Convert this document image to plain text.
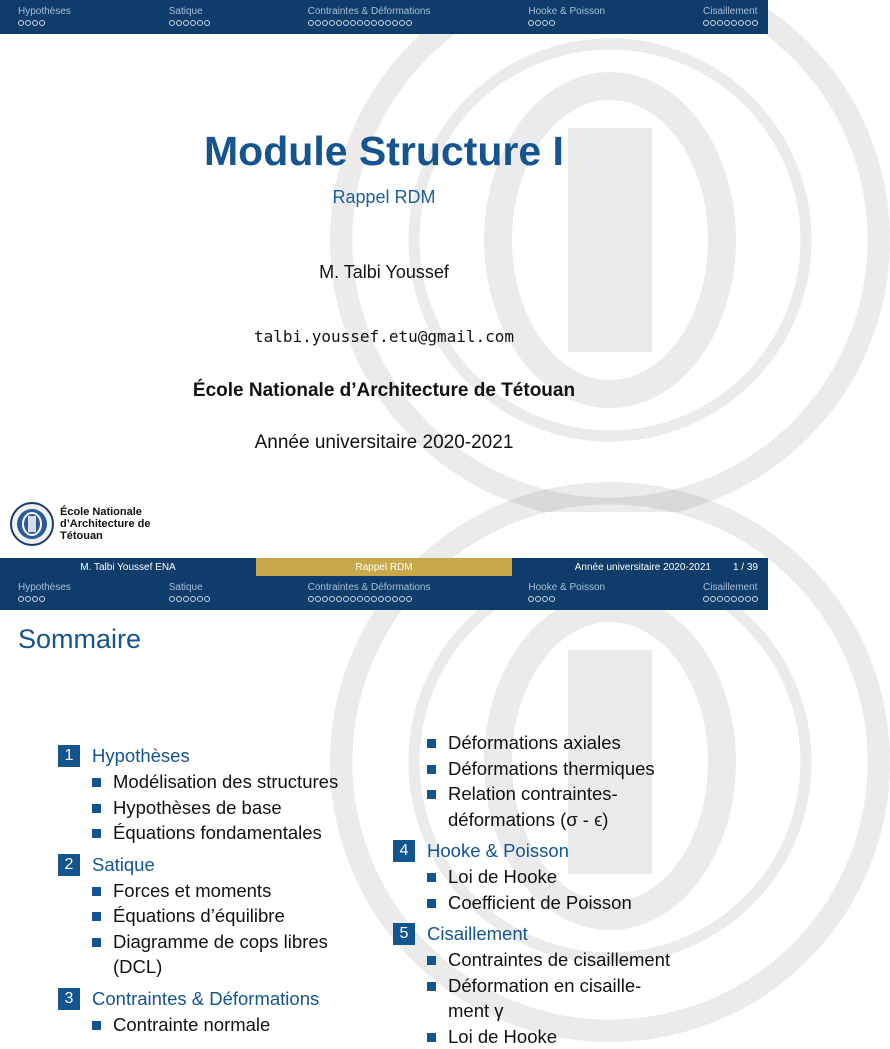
Hypothèses	Satique	Contraintes & Déformations	Hooke & Poisson	Cisaillement
Module Structure I
Rappel RDM
M. Talbi Youssef
talbi.youssef.etu@gmail.com
École Nationale d’Architecture de Tétouan
Année universitaire 2020-2021
École Nationale
d’Architecture de
Tétouan
M. Talbi Youssef ENA	Rappel RDM	Année universitaire 2020-2021 1 / 39
Hypothèses	Satique	Contraintes & Déformations	Hooke & Poisson	Cisaillement
Sommaire
1	Hypothèses
Modélisation des structures
Hypothèses de base
Équations fondamentales
2	Satique
Forces et moments
Équations d’équilibre
Diagramme de cops libres (DCL)
3	Contraintes & Déformations
Contrainte normale
Déformations axiales
Déformations thermiques
Relation contraintes-déformations (σ - ϵ)
4	Hooke & Poisson
Loi de Hooke
Coefficient de Poisson
5	Cisaillement
Contraintes de cisaillement
Déformation en cisaille-ment γ
Loi de Hooke
